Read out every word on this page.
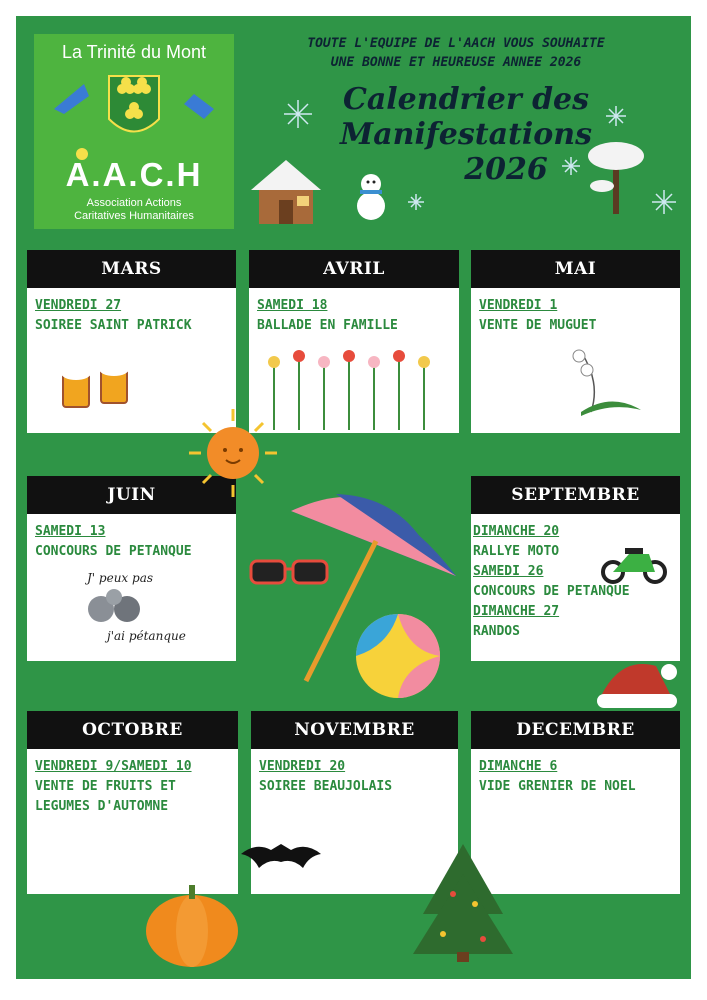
La Trinité du Mont
A.A.C.H
Association Actions
Caritatives Humanitaires
TOUTE L'EQUIPE DE L'AACH VOUS SOUHAITE
UNE BONNE ET HEUREUSE ANNEE 2026
Calendrier des
Manifestations
2026
MARS
VENDREDI 27
SOIREE SAINT PATRICK
AVRIL
SAMEDI 18
BALLADE EN FAMILLE
MAI
VENDREDI 1
VENTE DE MUGUET
JUIN
SAMEDI 13
CONCOURS DE PETANQUE
J' peux pas
j'ai pétanque
SEPTEMBRE
DIMANCHE 20
RALLYE MOTO
SAMEDI 26
CONCOURS DE PETANQUE
DIMANCHE 27
RANDOS
OCTOBRE
VENDREDI 9/SAMEDI 10
VENTE DE FRUITS ET
LEGUMES D'AUTOMNE
NOVEMBRE
VENDREDI 20
SOIREE BEAUJOLAIS
DECEMBRE
DIMANCHE 6
VIDE GRENIER DE NOEL
